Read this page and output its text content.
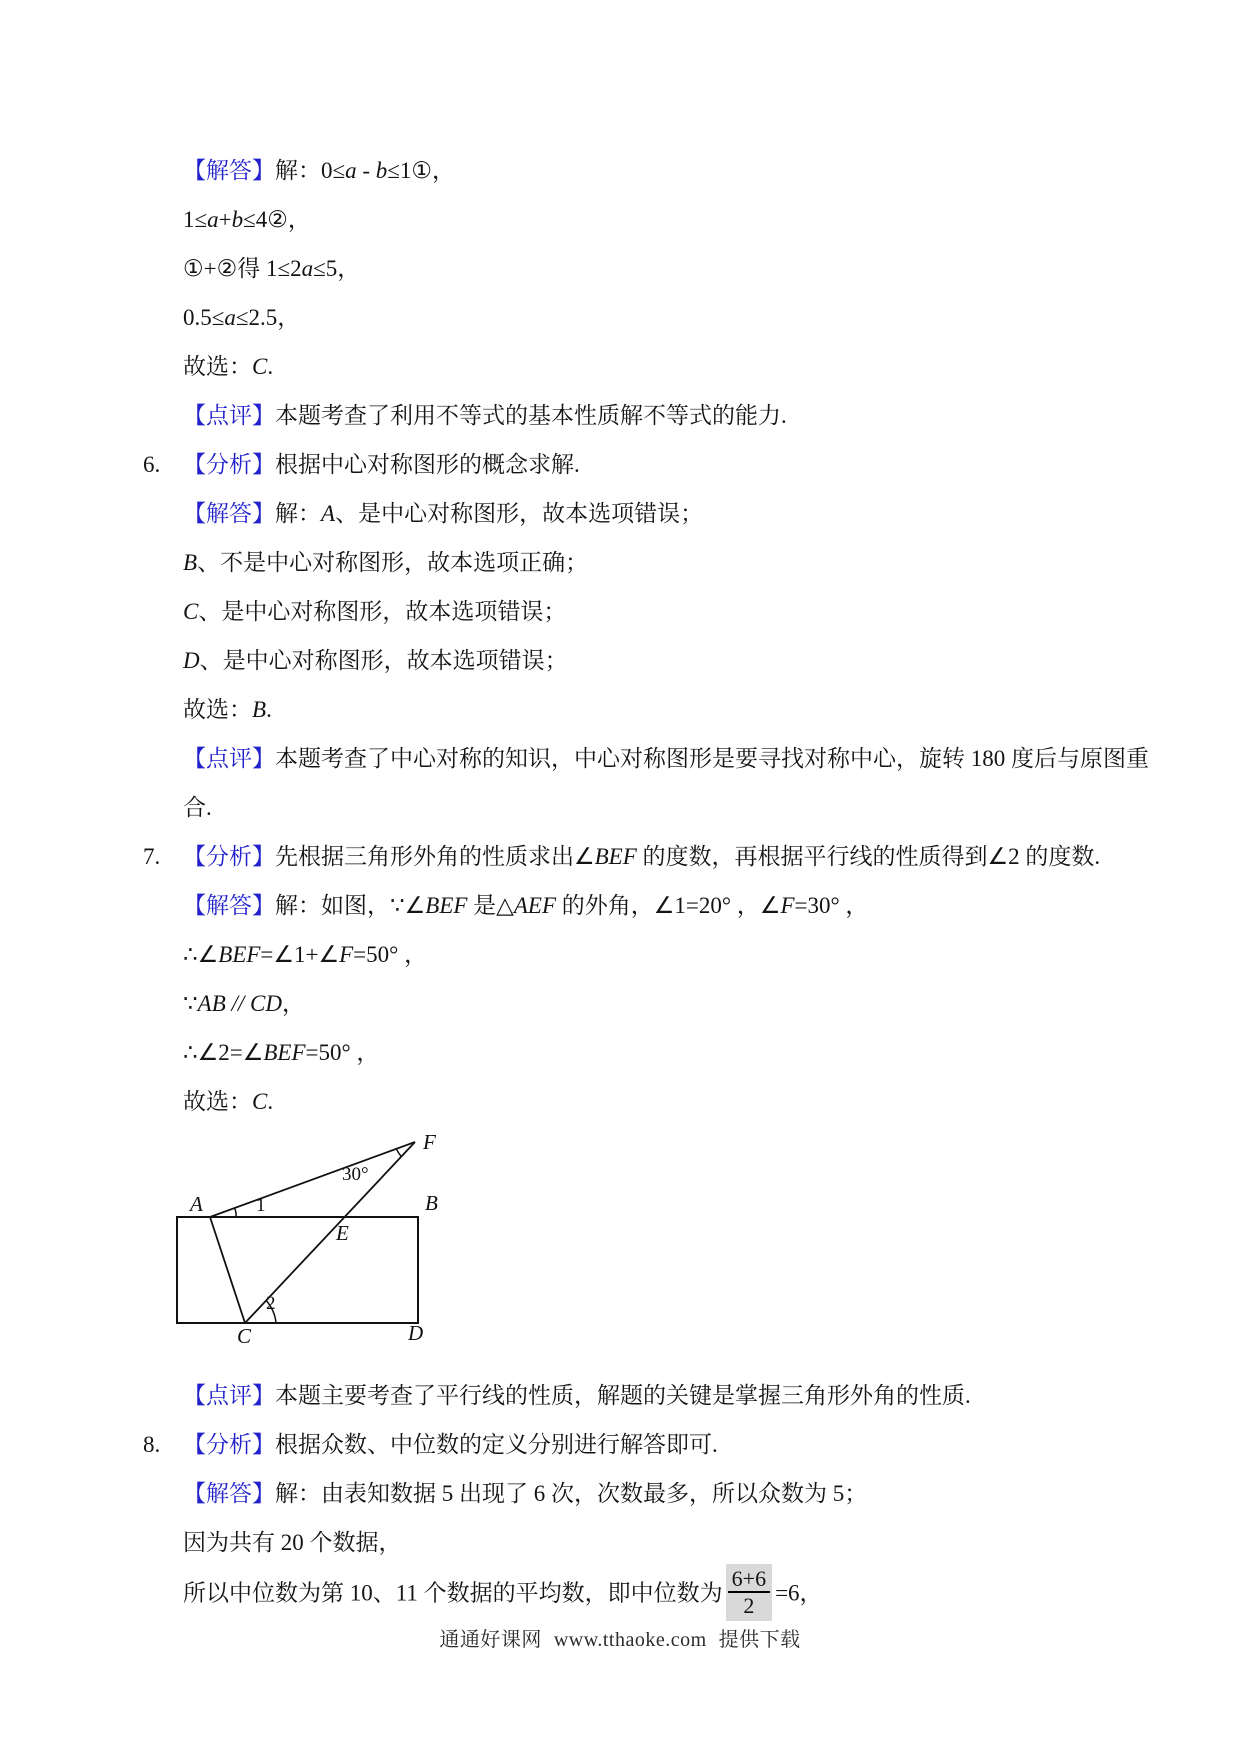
【解答】解：0≤a - b≤1①，
1≤a+b≤4②，
①+②得 1≤2a≤5，
0.5≤a≤2.5，
故选：C.
【点评】本题考查了利用不等式的基本性质解不等式的能力.
6. 【分析】根据中心对称图形的概念求解.
【解答】解：A、是中心对称图形，故本选项错误；
B、不是中心对称图形，故本选项正确；
C、是中心对称图形，故本选项错误；
D、是中心对称图形，故本选项错误；
故选：B.
【点评】本题考查了中心对称的知识，中心对称图形是要寻找对称中心，旋转 180 度后与原图重
合.
7. 【分析】先根据三角形外角的性质求出∠BEF 的度数，再根据平行线的性质得到∠2 的度数.
【解答】解：如图，∵∠BEF 是△AEF 的外角，∠1=20° ，∠F=30° ，
∴∠BEF=∠1+∠F=50° ，
∵AB // CD，
∴∠2=∠BEF=50° ，
故选：C.
A	B
C	D
E
F
1
2
30°
【点评】本题主要考查了平行线的性质，解题的关键是掌握三角形外角的性质.
8. 【分析】根据众数、中位数的定义分别进行解答即可.
【解答】解：由表知数据 5 出现了 6 次，次数最多，所以众数为 5；
因为共有 20 个数据，
所以中位数为第 10、11 个数据的平均数，即中位数为 $\frac{6+6}{2} =6$，
通通好课网 www.tthaoke.com 提供下载
